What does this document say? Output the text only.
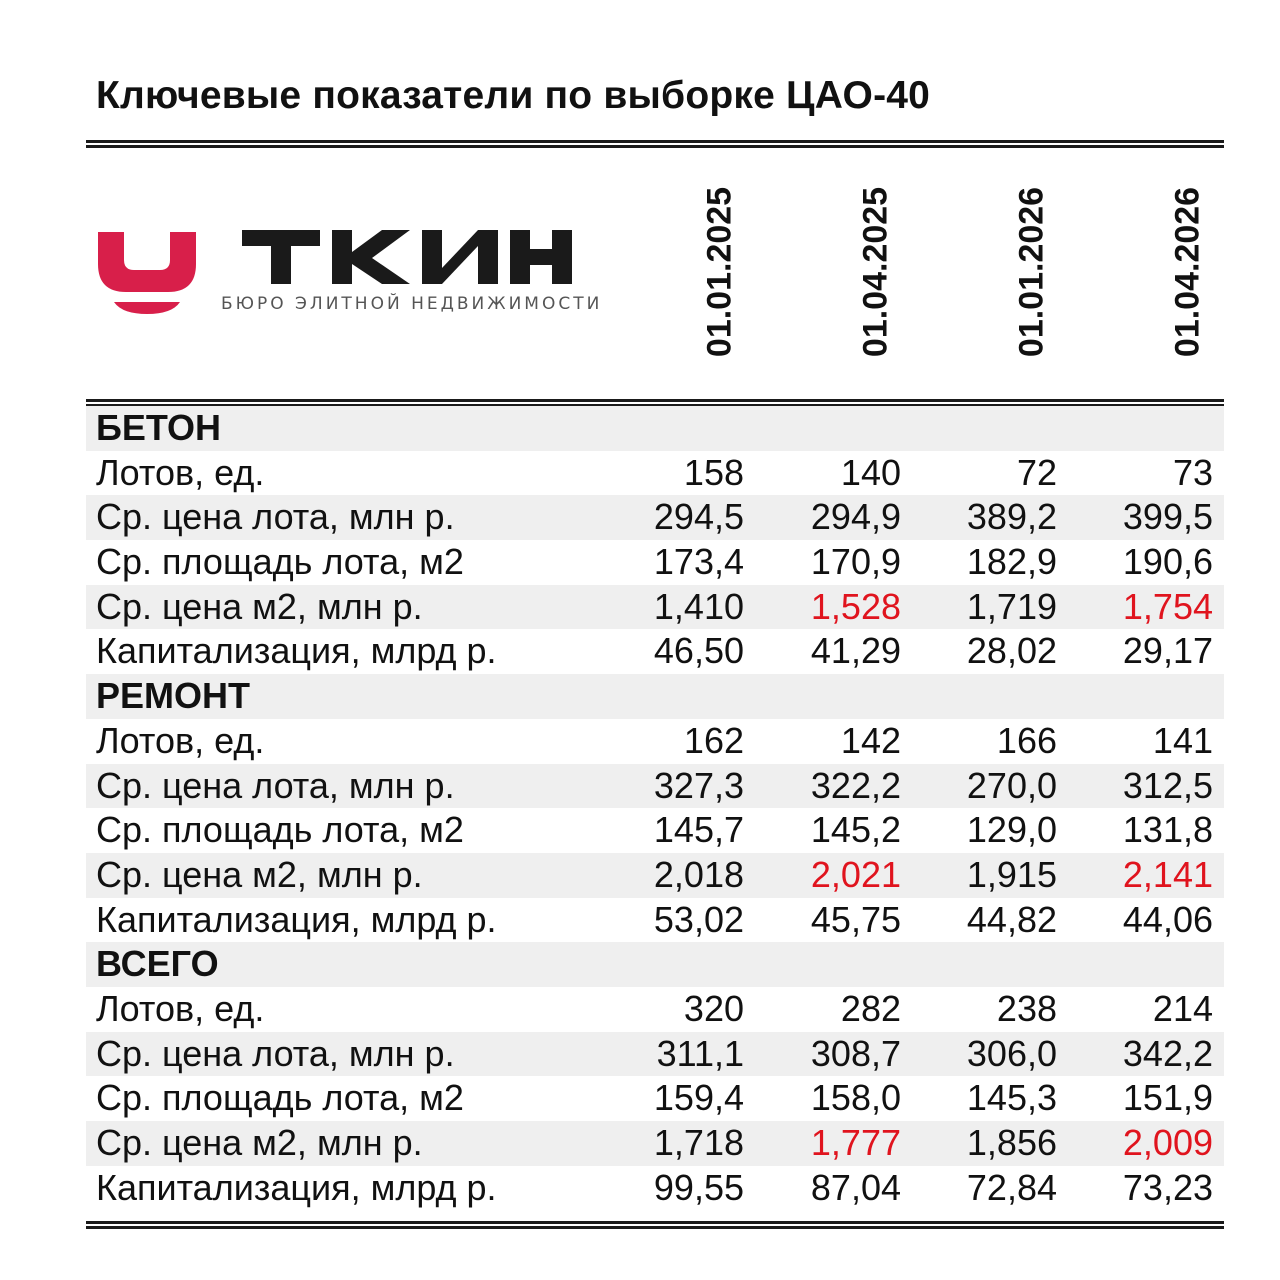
Ключевые показатели по выборке ЦАО-40
БЮРО ЭЛИТНОЙ НЕДВИЖИМОСТИ	01.01.2025	01.04.2025	01.01.2026	01.04.2026
БЕТОН
Лотов, ед.	158	140	72	73
Ср. цена лота, млн р.	294,5	294,9	389,2	399,5
Ср. площадь лота, м2	173,4	170,9	182,9	190,6
Ср. цена м2, млн р.	1,410	1,528	1,719	1,754
Капитализация, млрд р.	46,50	41,29	28,02	29,17
РЕМОНТ
Лотов, ед.	162	142	166	141
Ср. цена лота, млн р.	327,3	322,2	270,0	312,5
Ср. площадь лота, м2	145,7	145,2	129,0	131,8
Ср. цена м2, млн р.	2,018	2,021	1,915	2,141
Капитализация, млрд р.	53,02	45,75	44,82	44,06
ВСЕГО
Лотов, ед.	320	282	238	214
Ср. цена лота, млн р.	311,1	308,7	306,0	342,2
Ср. площадь лота, м2	159,4	158,0	145,3	151,9
Ср. цена м2, млн р.	1,718	1,777	1,856	2,009
Капитализация, млрд р.	99,55	87,04	72,84	73,23
